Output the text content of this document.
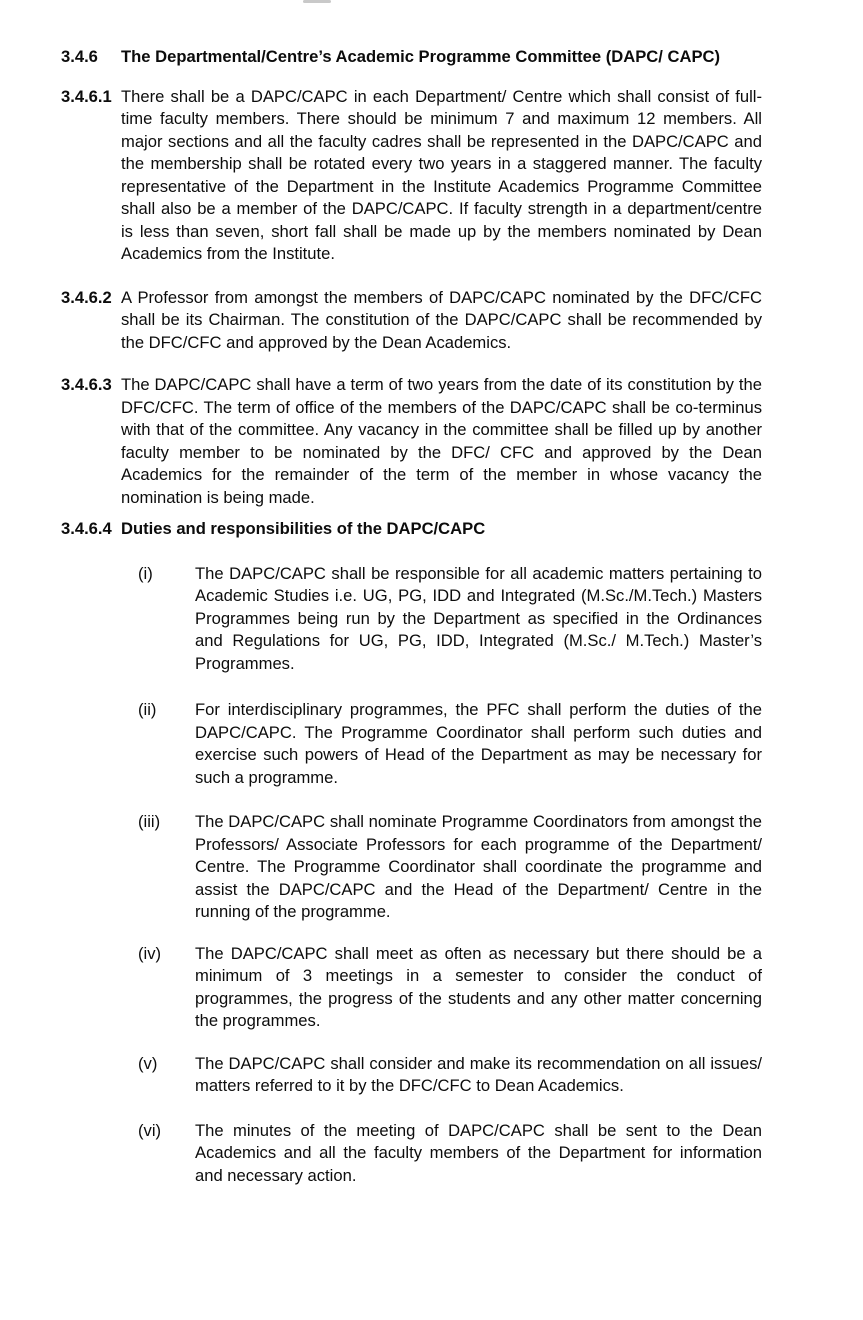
3.4.6 The Departmental/Centre’s Academic Programme Committee (DAPC/ CAPC)
3.4.6.1 There shall be a DAPC/CAPC in each Department/ Centre which shall consist of full-time faculty members. There should be minimum 7 and maximum 12 members. All major sections and all the faculty cadres shall be represented in the DAPC/CAPC and the membership shall be rotated every two years in a staggered manner. The faculty representative of the Department in the Institute Academics Programme Committee shall also be a member of the DAPC/CAPC. If faculty strength in a department/centre is less than seven, short fall shall be made up by the members nominated by Dean Academics from the Institute.
3.4.6.2 A Professor from amongst the members of DAPC/CAPC nominated by the DFC/CFC shall be its Chairman. The constitution of the DAPC/CAPC shall be recommended by the DFC/CFC and approved by the Dean Academics.
3.4.6.3 The DAPC/CAPC shall have a term of two years from the date of its constitution by the DFC/CFC. The term of office of the members of the DAPC/CAPC shall be co-terminus with that of the committee. Any vacancy in the committee shall be filled up by another faculty member to be nominated by the DFC/ CFC and approved by the Dean Academics for the remainder of the term of the member in whose vacancy the nomination is being made.
3.4.6.4 Duties and responsibilities of the DAPC/CAPC
(i)	The DAPC/CAPC shall be responsible for all academic matters pertaining to Academic Studies i.e. UG, PG, IDD and Integrated (M.Sc./M.Tech.) Masters Programmes being run by the Department as specified in the Ordinances and Regulations for UG, PG, IDD, Integrated (M.Sc./ M.Tech.) Master’s Programmes.
(ii) For interdisciplinary programmes, the PFC shall perform the duties of the DAPC/CAPC. The Programme Coordinator shall perform such duties and exercise such powers of Head of the Department as may be necessary for such a programme.
(iii) The DAPC/CAPC shall nominate Programme Coordinators from amongst the Professors/ Associate Professors for each programme of the Department/ Centre. The Programme Coordinator shall coordinate the programme and assist the DAPC/CAPC and the Head of the Department/ Centre in the running of the programme.
(iv) The DAPC/CAPC shall meet as often as necessary but there should be a minimum of 3 meetings in a semester to consider the conduct of programmes, the progress of the students and any other matter concerning the programmes.
(v) The DAPC/CAPC shall consider and make its recommendation on all issues/ matters referred to it by the DFC/CFC to Dean Academics.
(vi) The minutes of the meeting of DAPC/CAPC shall be sent to the Dean Academics and all the faculty members of the Department for information and necessary action.
